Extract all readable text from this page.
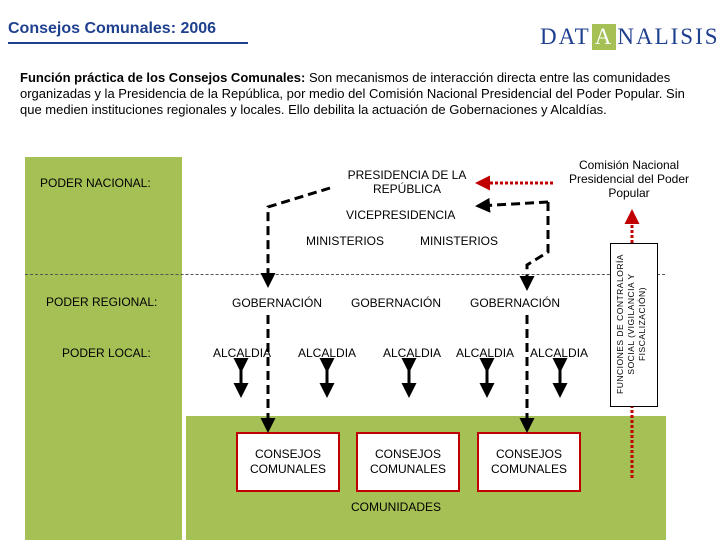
Consejos Comunales: 2006	DAT A NALISIS
Función práctica de los Consejos Comunales: Son mecanismos de interacción directa entre las comunidades organizadas y la Presidencia de la República, por medio del Comisión Nacional Presidencial del Poder Popular. Sin que medien instituciones regionales y locales. Ello debilita la actuación de Gobernaciones y Alcaldías.
PODER NACIONAL:
PODER REGIONAL:
PODER LOCAL:
PRESIDENCIA DE LA REPÚBLICA
Comisión Nacional Presidencial del Poder Popular
VICEPRESIDENCIA
MINISTERIOS	MINISTERIOS
GOBERNACIÓN GOBERNACIÓN GOBERNACIÓN
ALCALDIA ALCALDIA ALCALDIA ALCALDIA ALCALDIA
CONSEJOS COMUNALES
CONSEJOS COMUNALES
CONSEJOS COMUNALES
COMUNIDADES
FUNCIONES DE CONTRALORÍA SOCIAL (VIGILANCIA Y FISCALIZACIÓN)
